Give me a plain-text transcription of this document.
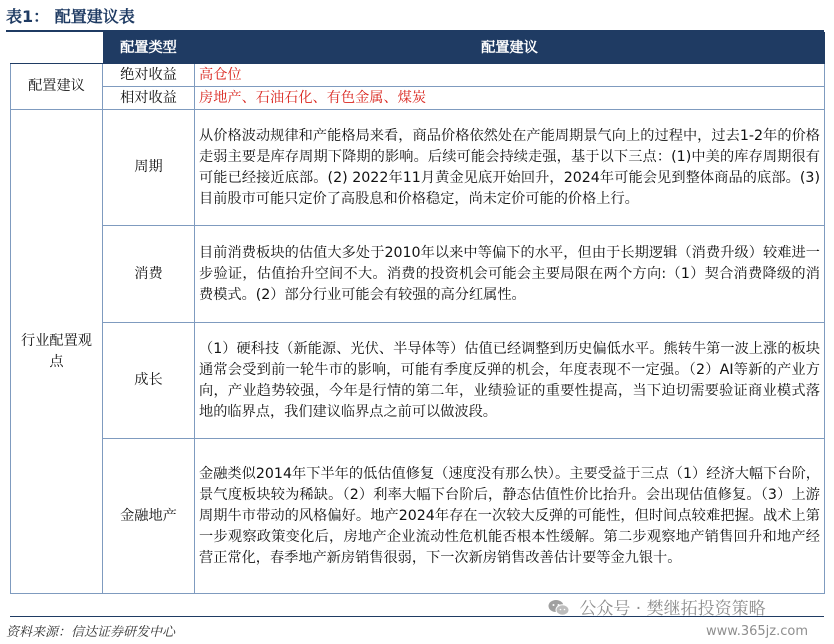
表1： 配置建议表
	配置类型	配置建议
配置建议	绝对收益	高仓位
	相对收益	房地产、石油石化、有色金属、煤炭
行业配置观点	周期	从价格波动规律和产能格局来看，商品价格依然处在产能周期景气向上的过程中，过去1-2年的价格走弱主要是库存周期下降期的影响。后续可能会持续走强，基于以下三点：(1)中美的库存周期很有可能已经接近底部。(2) 2022年11月黄金见底开始回升，2024年可能会见到整体商品的底部。(3)目前股市可能只定价了高股息和价格稳定，尚未定价可能的价格上行。

	消费	目前消费板块的估值大多处于2010年以来中等偏下的水平，但由于长期逻辑（消费升级）较难进一步验证，估值抬升空间不大。消费的投资机会可能会主要局限在两个方向:（1）契合消费降级的消费模式。(2）部分行业可能会有较强的高分红属性。

	成长	（1）硬科技（新能源、光伏、半导体等）估值已经调整到历史偏低水平。熊转牛第一波上涨的板块通常会受到前一轮牛市的影响，可能有季度反弹的机会，年度表现不一定强。（2）AI等新的产业方向，产业趋势较强，今年是行情的第二年，业绩验证的重要性提高，当下迫切需要验证商业模式落地的临界点，我们建议临界点之前可以做波段。

	金融地产	金融类似2014年下半年的低估值修复（速度没有那么快）。主要受益于三点（1）经济大幅下台阶，景气度板块较为稀缺。（2）利率大幅下台阶后，静态估值性价比抬升。会出现估值修复。（3）上游周期牛市带动的风格偏好。地产2024年存在一次较大反弹的可能性，但时间点较难把握。战术上第一步观察政策变化后，房地产企业流动性危机能否根本性缓解。第二步观察地产销售回升和地产经营正常化，春季地产新房销售很弱，下一次新房销售改善估计要等金九银十。

资料来源：信达证券研发中心
公众号 · 樊继拓投资策略
www.365jz.com
